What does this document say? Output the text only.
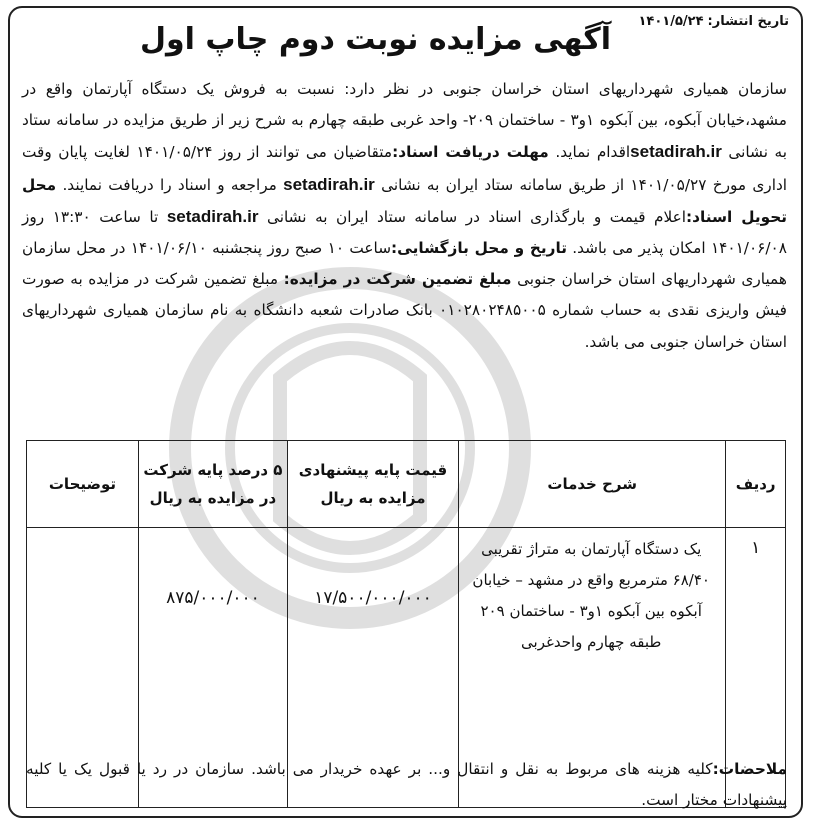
تاریخ انتشار:۱۴۰۱/۵/۲۴
آگهی مزایده نوبت دوم چاپ اول
سازمان همیاری شهرداریهای استان خراسان جنوبی در نظر دارد: نسبت به فروش یک دستگاه آپارتمان واقع در مشهد،خیابان آبکوه، بین آبکوه ۱و۳ - ساختمان ۲۰۹- واحد غربی طبقه چهارم به شرح زیر از طریق مزایده در سامانه ستاد به نشانی setadirah.irاقدام نماید. مهلت دریافت اسناد:متقاضیان می توانند از روز ۱۴۰۱/۰۵/۲۴ لغایت پایان وقت اداری مورخ ۱۴۰۱/۰۵/۲۷ از طریق سامانه ستاد ایران به نشانی setadirah.ir مراجعه و اسناد را دریافت نمایند. محل تحویل اسناد:اعلام قیمت و بارگذاری اسناد در سامانه ستاد ایران به نشانی setadirah.ir تا ساعت ۱۳:۳۰ روز ۱۴۰۱/۰۶/۰۸ امکان پذیر می باشد. تاریخ و محل بازگشایی:ساعت ۱۰ صبح روز پنجشنبه ۱۴۰۱/۰۶/۱۰ در محل سازمان همیاری شهرداریهای استان خراسان جنوبی مبلغ تضمین شرکت در مزایده: مبلغ تضمین شرکت در مزایده به صورت فیش واریزی نقدی به حساب شماره ۰۱۰۲۸۰۲۴۸۵۰۰۵ بانک صادرات شعبه دانشگاه به نام سازمان همیاری شهرداریهای استان خراسان جنوبی می باشد.
ردیف	شرح خدمات	قیمت پایه پیشنهادی مزایده به ریال	۵ درصد پایه شرکت در مزایده به ریال	توضیحات
۱	یک دستگاه آپارتمان به متراژ تقریبی ۶۸/۴۰ مترمربع واقع در مشهد – خیابان آبکوه بین آبکوه ۱و۳ - ساختمان ۲۰۹ طبقه چهارم واحدغربی	۱۷/۵۰۰/۰۰۰/۰۰۰	۸۷۵/۰۰۰/۰۰۰	
ملاحضات:کلیه هزینه های مربوط به نقل و انتقال و... بر عهده خریدار می باشد. سازمان در رد یا قبول یک یا کلیه پیشنهادات مختار است.
